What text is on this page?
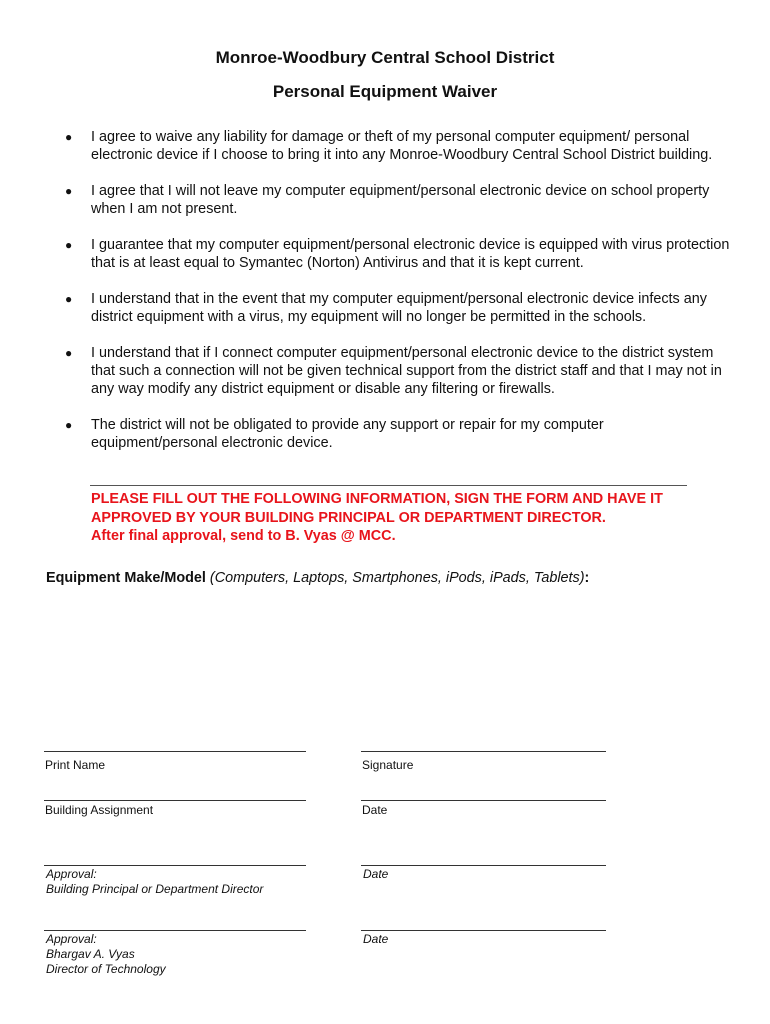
Monroe-Woodbury Central School District
Personal Equipment Waiver
● I agree to waive any liability for damage or theft of my personal computer equipment/ personal electronic device if I choose to bring it into any Monroe-Woodbury Central School District building.
● I agree that I will not leave my computer equipment/personal electronic device on school property when I am not present.
● I guarantee that my computer equipment/personal electronic device is equipped with virus protection that is at least equal to Symantec (Norton) Antivirus and that it is kept current.
● I understand that in the event that my computer equipment/personal electronic device infects any district equipment with a virus, my equipment will no longer be permitted in the schools.
● I understand that if I connect computer equipment/personal electronic device to the district system that such a connection will not be given technical support from the district staff and that I may not in any way modify any district equipment or disable any filtering or firewalls.
● The district will not be obligated to provide any support or repair for my computer equipment/personal electronic device.
PLEASE FILL OUT THE FOLLOWING INFORMATION, SIGN THE FORM AND HAVE IT
APPROVED BY YOUR BUILDING PRINCIPAL OR DEPARTMENT DIRECTOR.
After final approval, send to B. Vyas @ MCC.
Equipment Make/Model (Computers, Laptops, Smartphones, iPods, iPads, Tablets):
Print Name	Signature
Building Assignment	Date
Approval:
Building Principal or Department Director
Date
Approval:
Bhargav A. Vyas
Director of Technology
Date
